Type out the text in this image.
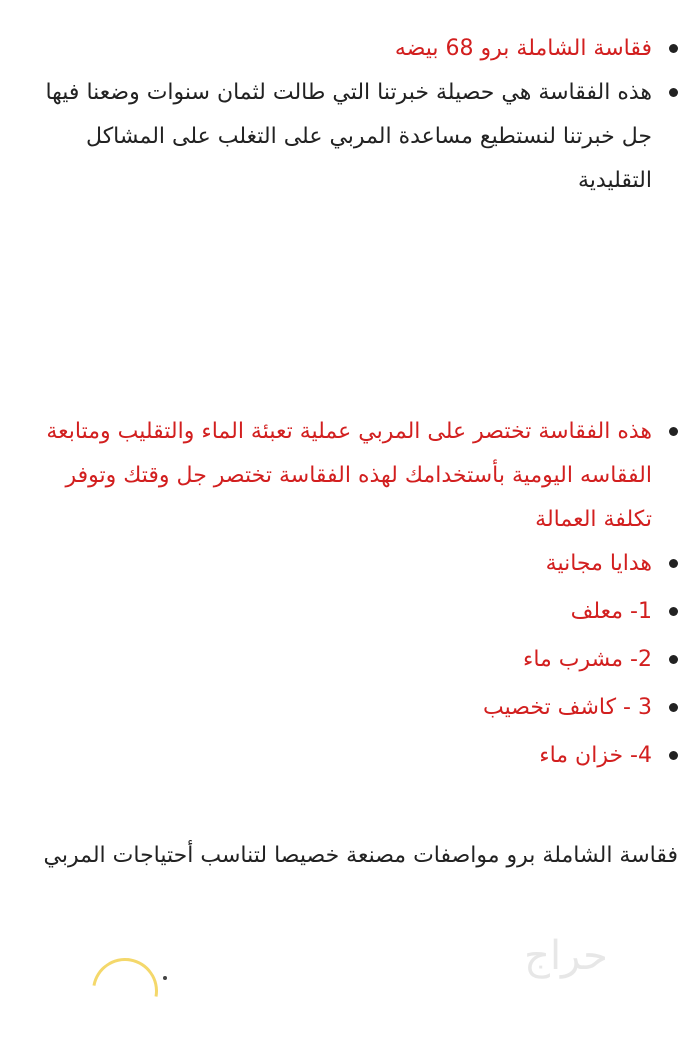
فقاسة الشاملة برو 68 بيضه
هذه الفقاسة هي حصيلة خبرتنا التي طالت لثمان سنوات وضعنا فيها جل خبرتنا لنستطيع مساعدة المربي على التغلب على المشاكل التقليدية
هذه الفقاسة تختصر على المربي عملية تعبئة الماء والتقليب ومتابعة الفقاسه اليومية بأستخدامك لهذه الفقاسة تختصر جل وقتك وتوفر تكلفة العمالة
هدايا مجانية
1- معلف
2- مشرب ماء
3 - كاشف تخصيب
4- خزان ماء

فقاسة الشاملة برو مواصفات مصنعة خصيصا لتناسب أحتياجات المربي

حراج
